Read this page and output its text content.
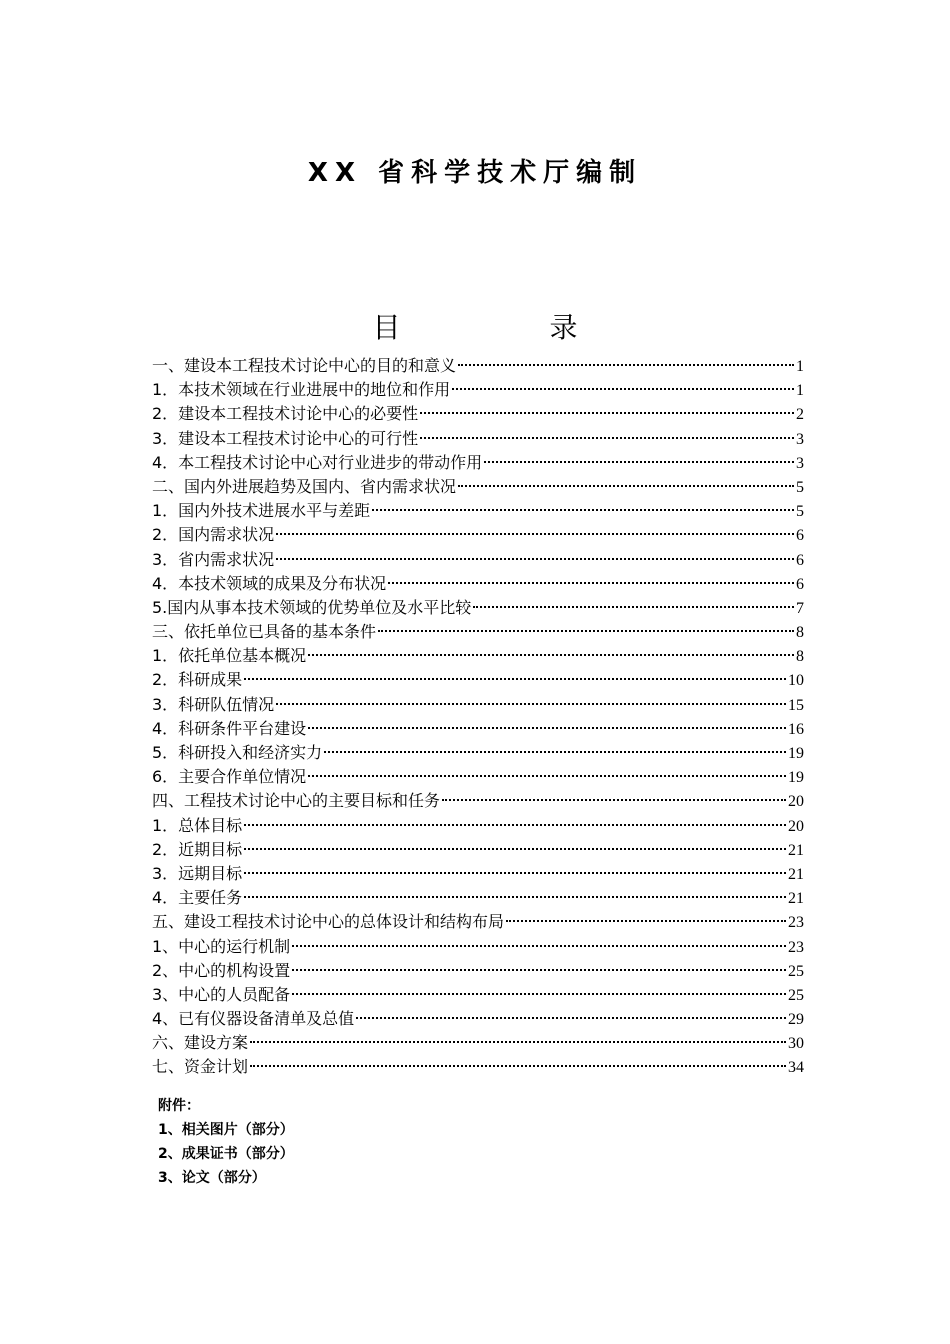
XX 省科学技术厅编制
目 录
一、建设本工程技术讨论中心的目的和意义	1
1．本技术领域在行业进展中的地位和作用	1
2．建设本工程技术讨论中心的必要性	2
3．建设本工程技术讨论中心的可行性	3
4．本工程技术讨论中心对行业进步的带动作用	3
二、国内外进展趋势及国内、省内需求状况	5
1．国内外技术进展水平与差距	5
2．国内需求状况	6
3．省内需求状况	6
4．本技术领域的成果及分布状况	6
5.国内从事本技术领域的优势单位及水平比较	7
三、依托单位已具备的基本条件	8
1．依托单位基本概况	8
2．科研成果	10
3．科研队伍情况	15
4．科研条件平台建设	16
5．科研投入和经济实力	19
6．主要合作单位情况	19
四、工程技术讨论中心的主要目标和任务	20
1．总体目标	20
2．近期目标	21
3．远期目标	21
4．主要任务	21
五、建设工程技术讨论中心的总体设计和结构布局	23
1、中心的运行机制	23
2、中心的机构设置	25
3、中心的人员配备	25
4、已有仪器设备清单及总值	29
六、建设方案	30
七、资金计划	34
附件：
1、相关图片（部分）
2、成果证书（部分）
3、论文（部分）
